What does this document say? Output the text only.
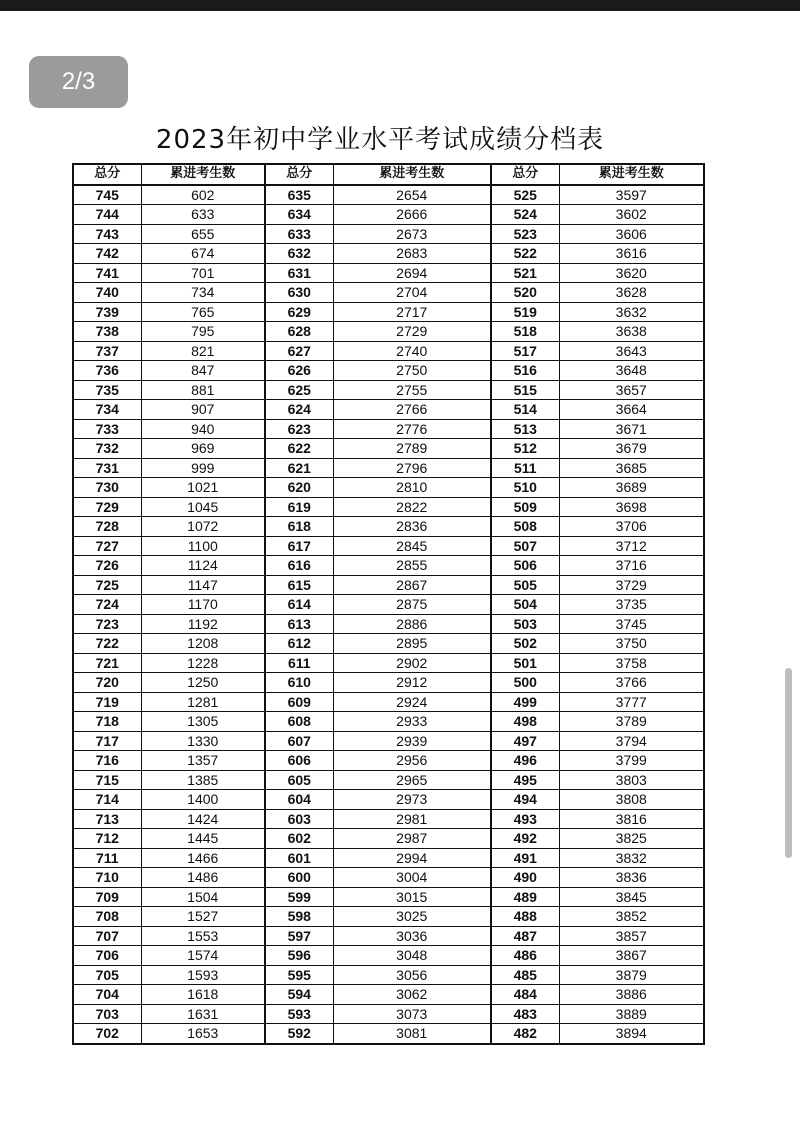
2/3
2023年初中学业水平考试成绩分档表
总分	累进考生数	总分	累进考生数	总分	累进考生数
745	602	635	2654	525	3597
744	633	634	2666	524	3602
743	655	633	2673	523	3606
742	674	632	2683	522	3616
741	701	631	2694	521	3620
740	734	630	2704	520	3628
739	765	629	2717	519	3632
738	795	628	2729	518	3638
737	821	627	2740	517	3643
736	847	626	2750	516	3648
735	881	625	2755	515	3657
734	907	624	2766	514	3664
733	940	623	2776	513	3671
732	969	622	2789	512	3679
731	999	621	2796	511	3685
730	1021	620	2810	510	3689
729	1045	619	2822	509	3698
728	1072	618	2836	508	3706
727	1100	617	2845	507	3712
726	1124	616	2855	506	3716
725	1147	615	2867	505	3729
724	1170	614	2875	504	3735
723	1192	613	2886	503	3745
722	1208	612	2895	502	3750
721	1228	611	2902	501	3758
720	1250	610	2912	500	3766
719	1281	609	2924	499	3777
718	1305	608	2933	498	3789
717	1330	607	2939	497	3794
716	1357	606	2956	496	3799
715	1385	605	2965	495	3803
714	1400	604	2973	494	3808
713	1424	603	2981	493	3816
712	1445	602	2987	492	3825
711	1466	601	2994	491	3832
710	1486	600	3004	490	3836
709	1504	599	3015	489	3845
708	1527	598	3025	488	3852
707	1553	597	3036	487	3857
706	1574	596	3048	486	3867
705	1593	595	3056	485	3879
704	1618	594	3062	484	3886
703	1631	593	3073	483	3889
702	1653	592	3081	482	3894
